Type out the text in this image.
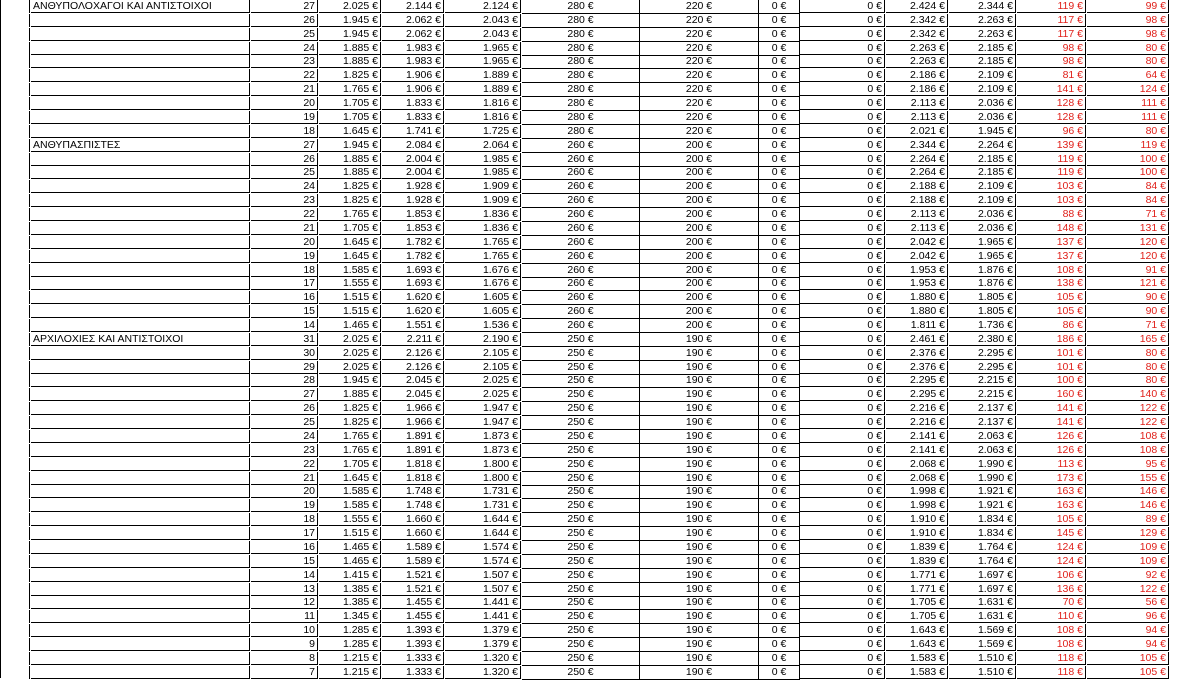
ΑΝΘΥΠΟΛΟΧΑΓΟΙ ΚΑΙ ΑΝΤΙΣΤΟΙΧΟΙ	27	2.025 €	2.144 €	2.124 €	280 €	220 €	0 €	0 €	2.424 €	2.344 €	119 €	99 €
26	1.945 €	2.062 €	2.043 €	280 €	220 €	0 €	0 €	2.342 €	2.263 €	117 €	98 €
25	1.945 €	2.062 €	2.043 €	280 €	220 €	0 €	0 €	2.342 €	2.263 €	117 €	98 €
24	1.885 €	1.983 €	1.965 €	280 €	220 €	0 €	0 €	2.263 €	2.185 €	98 €	80 €
23	1.885 €	1.983 €	1.965 €	280 €	220 €	0 €	0 €	2.263 €	2.185 €	98 €	80 €
22	1.825 €	1.906 €	1.889 €	280 €	220 €	0 €	0 €	2.186 €	2.109 €	81 €	64 €
21	1.765 €	1.906 €	1.889 €	280 €	220 €	0 €	0 €	2.186 €	2.109 €	141 €	124 €
20	1.705 €	1.833 €	1.816 €	280 €	220 €	0 €	0 €	2.113 €	2.036 €	128 €	111 €
19	1.705 €	1.833 €	1.816 €	280 €	220 €	0 €	0 €	2.113 €	2.036 €	128 €	111 €
18	1.645 €	1.741 €	1.725 €	280 €	220 €	0 €	0 €	2.021 €	1.945 €	96 €	80 €
ΑΝΘΥΠΑΣΠΙΣΤΕΣ	27	1.945 €	2.084 €	2.064 €	260 €	200 €	0 €	0 €	2.344 €	2.264 €	139 €	119 €
26	1.885 €	2.004 €	1.985 €	260 €	200 €	0 €	0 €	2.264 €	2.185 €	119 €	100 €
25	1.885 €	2.004 €	1.985 €	260 €	200 €	0 €	0 €	2.264 €	2.185 €	119 €	100 €
24	1.825 €	1.928 €	1.909 €	260 €	200 €	0 €	0 €	2.188 €	2.109 €	103 €	84 €
23	1.825 €	1.928 €	1.909 €	260 €	200 €	0 €	0 €	2.188 €	2.109 €	103 €	84 €
22	1.765 €	1.853 €	1.836 €	260 €	200 €	0 €	0 €	2.113 €	2.036 €	88 €	71 €
21	1.705 €	1.853 €	1.836 €	260 €	200 €	0 €	0 €	2.113 €	2.036 €	148 €	131 €
20	1.645 €	1.782 €	1.765 €	260 €	200 €	0 €	0 €	2.042 €	1.965 €	137 €	120 €
19	1.645 €	1.782 €	1.765 €	260 €	200 €	0 €	0 €	2.042 €	1.965 €	137 €	120 €
18	1.585 €	1.693 €	1.676 €	260 €	200 €	0 €	0 €	1.953 €	1.876 €	108 €	91 €
17	1.555 €	1.693 €	1.676 €	260 €	200 €	0 €	0 €	1.953 €	1.876 €	138 €	121 €
16	1.515 €	1.620 €	1.605 €	260 €	200 €	0 €	0 €	1.880 €	1.805 €	105 €	90 €
15	1.515 €	1.620 €	1.605 €	260 €	200 €	0 €	0 €	1.880 €	1.805 €	105 €	90 €
14	1.465 €	1.551 €	1.536 €	260 €	200 €	0 €	0 €	1.811 €	1.736 €	86 €	71 €
ΑΡΧΙΛΟΧΙΕΣ ΚΑΙ ΑΝΤΙΣΤΟΙΧΟΙ	31	2.025 €	2.211 €	2.190 €	250 €	190 €	0 €	0 €	2.461 €	2.380 €	186 €	165 €
30	2.025 €	2.126 €	2.105 €	250 €	190 €	0 €	0 €	2.376 €	2.295 €	101 €	80 €
29	2.025 €	2.126 €	2.105 €	250 €	190 €	0 €	0 €	2.376 €	2.295 €	101 €	80 €
28	1.945 €	2.045 €	2.025 €	250 €	190 €	0 €	0 €	2.295 €	2.215 €	100 €	80 €
27	1.885 €	2.045 €	2.025 €	250 €	190 €	0 €	0 €	2.295 €	2.215 €	160 €	140 €
26	1.825 €	1.966 €	1.947 €	250 €	190 €	0 €	0 €	2.216 €	2.137 €	141 €	122 €
25	1.825 €	1.966 €	1.947 €	250 €	190 €	0 €	0 €	2.216 €	2.137 €	141 €	122 €
24	1.765 €	1.891 €	1.873 €	250 €	190 €	0 €	0 €	2.141 €	2.063 €	126 €	108 €
23	1.765 €	1.891 €	1.873 €	250 €	190 €	0 €	0 €	2.141 €	2.063 €	126 €	108 €
22	1.705 €	1.818 €	1.800 €	250 €	190 €	0 €	0 €	2.068 €	1.990 €	113 €	95 €
21	1.645 €	1.818 €	1.800 €	250 €	190 €	0 €	0 €	2.068 €	1.990 €	173 €	155 €
20	1.585 €	1.748 €	1.731 €	250 €	190 €	0 €	0 €	1.998 €	1.921 €	163 €	146 €
19	1.585 €	1.748 €	1.731 €	250 €	190 €	0 €	0 €	1.998 €	1.921 €	163 €	146 €
18	1.555 €	1.660 €	1.644 €	250 €	190 €	0 €	0 €	1.910 €	1.834 €	105 €	89 €
17	1.515 €	1.660 €	1.644 €	250 €	190 €	0 €	0 €	1.910 €	1.834 €	145 €	129 €
16	1.465 €	1.589 €	1.574 €	250 €	190 €	0 €	0 €	1.839 €	1.764 €	124 €	109 €
15	1.465 €	1.589 €	1.574 €	250 €	190 €	0 €	0 €	1.839 €	1.764 €	124 €	109 €
14	1.415 €	1.521 €	1.507 €	250 €	190 €	0 €	0 €	1.771 €	1.697 €	106 €	92 €
13	1.385 €	1.521 €	1.507 €	250 €	190 €	0 €	0 €	1.771 €	1.697 €	136 €	122 €
12	1.385 €	1.455 €	1.441 €	250 €	190 €	0 €	0 €	1.705 €	1.631 €	70 €	56 €
11	1.345 €	1.455 €	1.441 €	250 €	190 €	0 €	0 €	1.705 €	1.631 €	110 €	96 €
10	1.285 €	1.393 €	1.379 €	250 €	190 €	0 €	0 €	1.643 €	1.569 €	108 €	94 €
9	1.285 €	1.393 €	1.379 €	250 €	190 €	0 €	0 €	1.643 €	1.569 €	108 €	94 €
8	1.215 €	1.333 €	1.320 €	250 €	190 €	0 €	0 €	1.583 €	1.510 €	118 €	105 €
7	1.215 €	1.333 €	1.320 €	250 €	190 €	0 €	0 €	1.583 €	1.510 €	118 €	105 €
